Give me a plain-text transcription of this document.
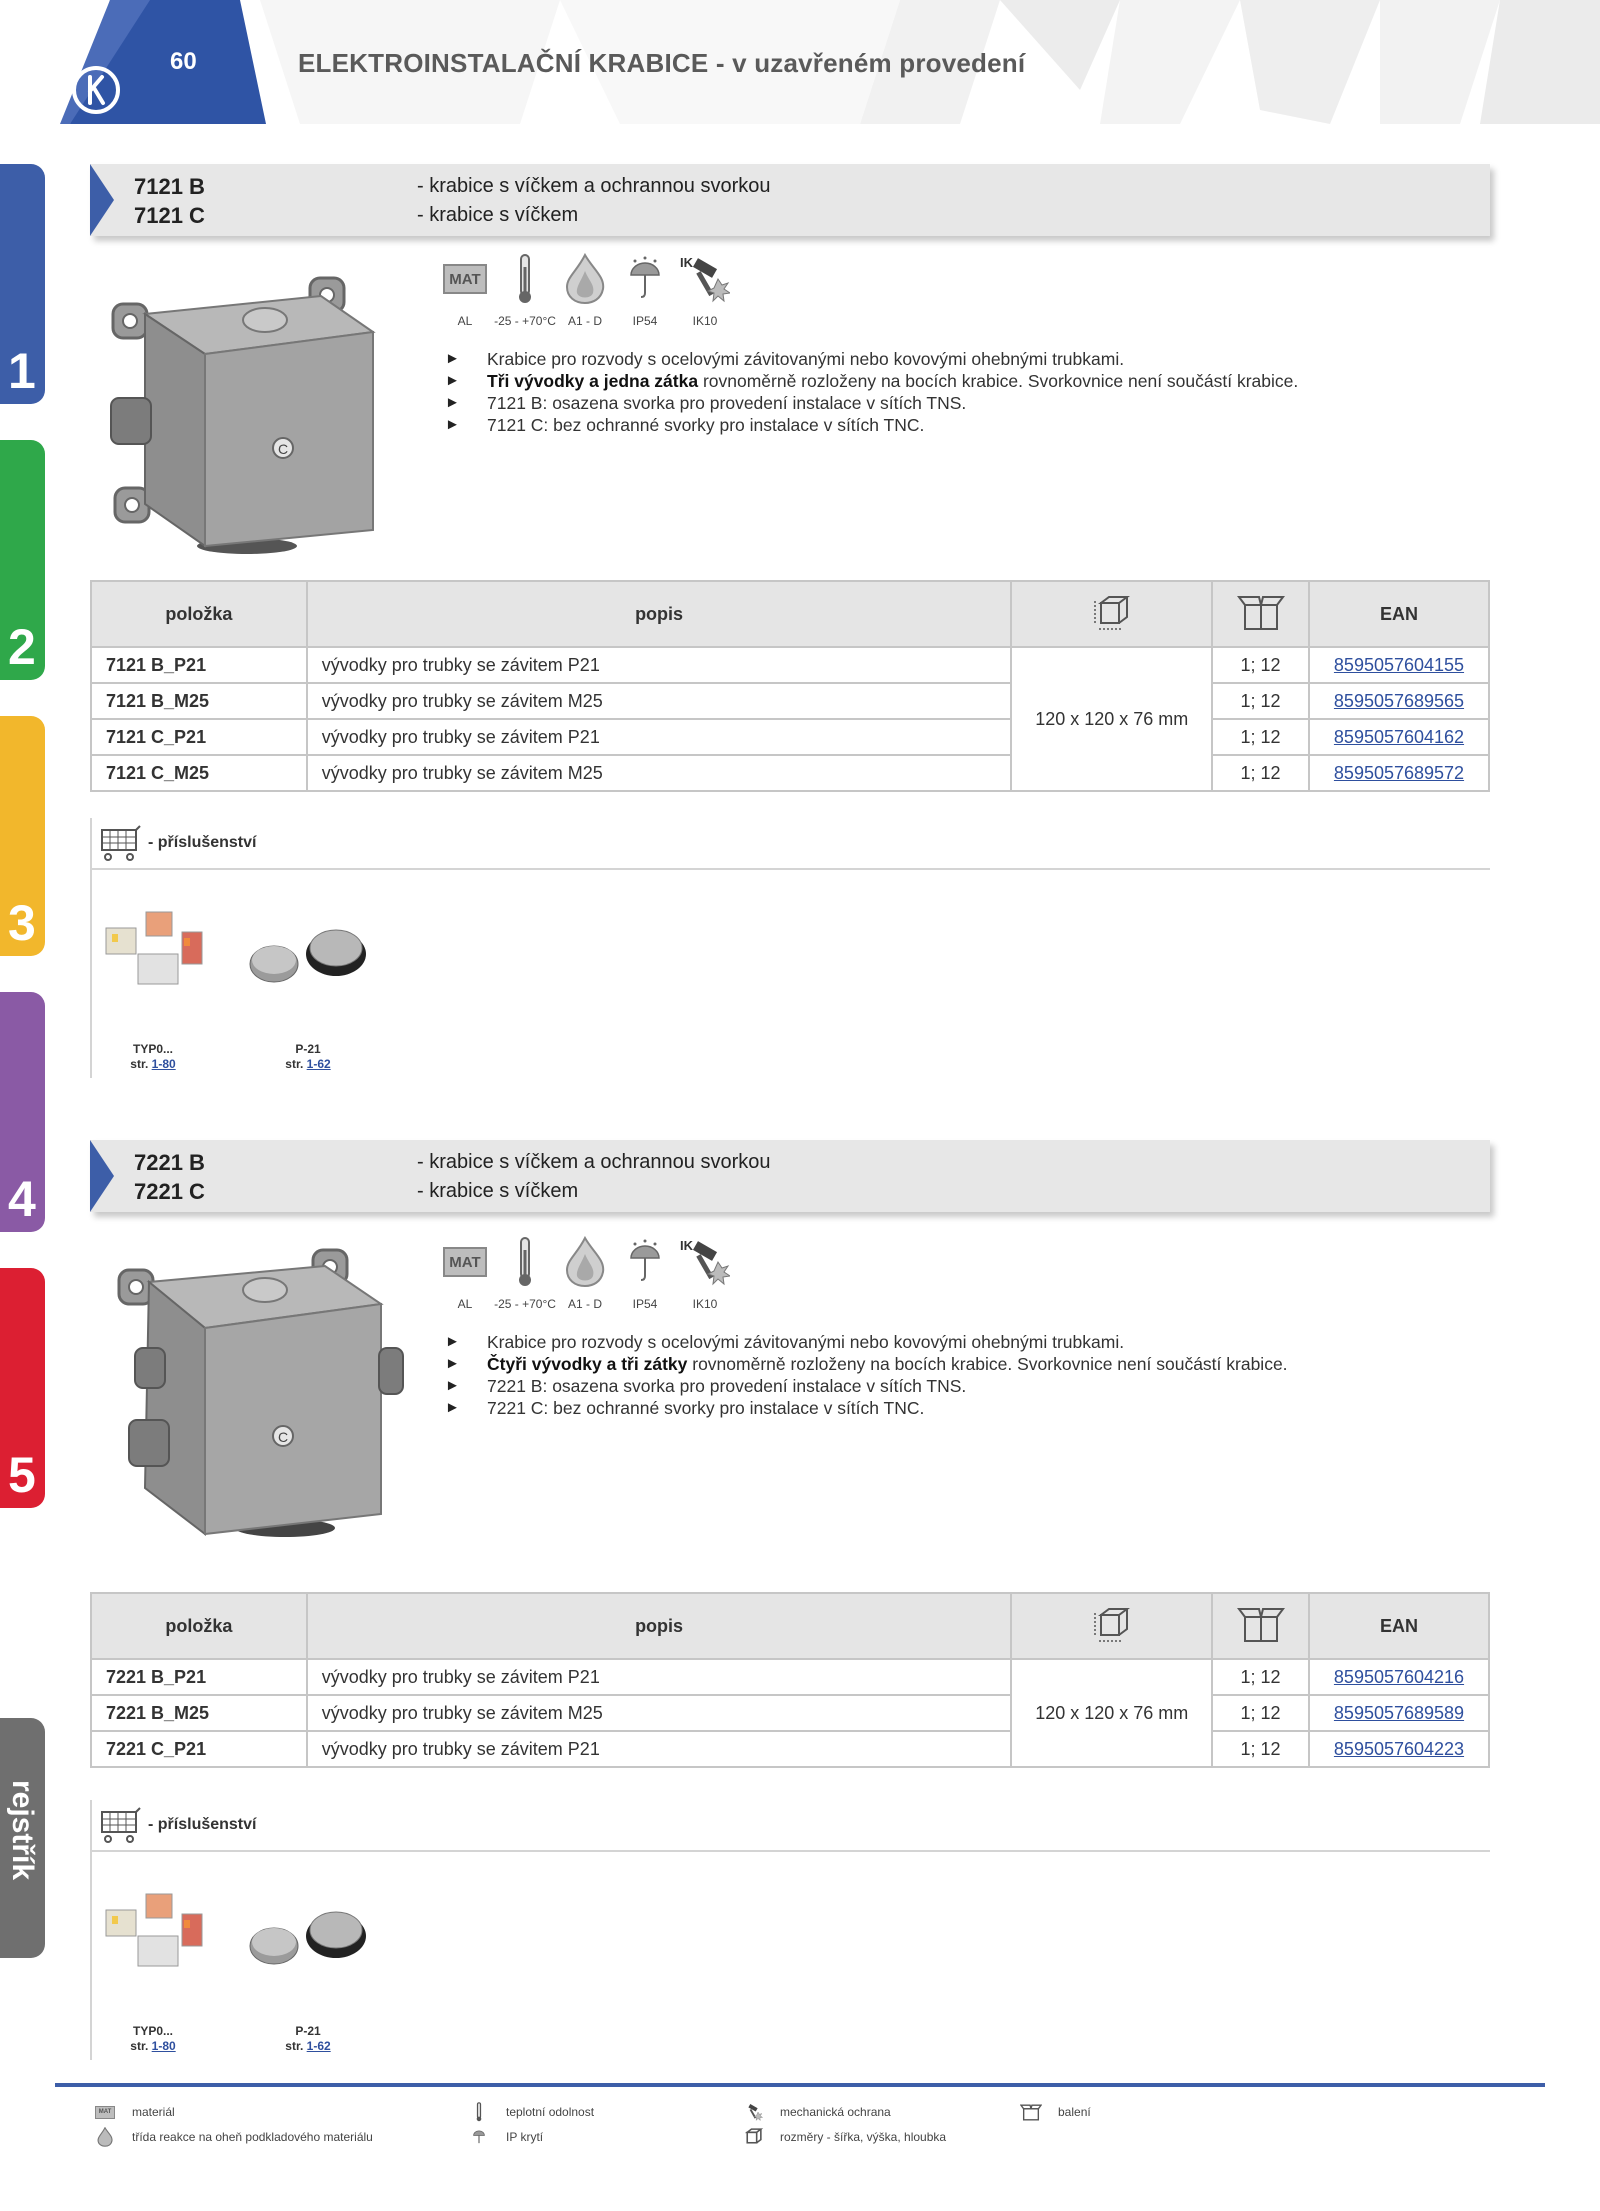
60	ELEKTROINSTALAČNÍ KRABICE - v uzavřeném provedení
1
2
3
4
5
rejstřík
7121 B
7121 C
- krabice s víčkem a ochrannou svorkou
- krabice s víčkem
C
MAT
AL	-25 - +70°C	A1 - D	IP54
IK
IK10
► Krabice pro rozvody s ocelovými závitovanými nebo kovovými ohebnými trubkami.
► Tři vývodky a jedna zátka rovnoměrně rozloženy na bocích krabice. Svorkovnice není součástí krabice.
► 7121 B: osazena svorka pro provedení instalace v sítích TNS.
► 7121 C: bez ochranné svorky pro instalace v sítích TNC.
položka	popis			EAN
7121 B_P21	vývodky pro trubky se závitem P21	120 x 120 x 76 mm	1; 12	8595057604155
7121 B_M25	vývodky pro trubky se závitem M25		1; 12	8595057689565
7121 C_P21	vývodky pro trubky se závitem P21		1; 12	8595057604162
7121 C_M25	vývodky pro trubky se závitem M25		1; 12	8595057689572
- příslušenství
TYP0...
str. 1-80
P-21
str. 1-62
7221 B
7221 C
- krabice s víčkem a ochrannou svorkou
- krabice s víčkem
C
MAT
AL	-25 - +70°C	A1 - D	IP54
IK
IK10
► Krabice pro rozvody s ocelovými závitovanými nebo kovovými ohebnými trubkami.
► Čtyři vývodky a tři zátky rovnoměrně rozloženy na bocích krabice. Svorkovnice není součástí krabice.
► 7221 B: osazena svorka pro provedení instalace v sítích TNS.
► 7221 C: bez ochranné svorky pro instalace v sítích TNC.
položka	popis			EAN
7221 B_P21	vývodky pro trubky se závitem P21	120 x 120 x 76 mm	1; 12	8595057604216
7221 B_M25	vývodky pro trubky se závitem M25		1; 12	8595057689589
7221 C_P21	vývodky pro trubky se závitem P21		1; 12	8595057604223
- příslušenství
TYP0...
str. 1-80
P-21
str. 1-62
MAT	materiál
třída reakce na oheň podkladového materiálu
teplotní odolnost
IP krytí
mechanická ochrana
rozměry - šířka, výška, hloubka
balení
